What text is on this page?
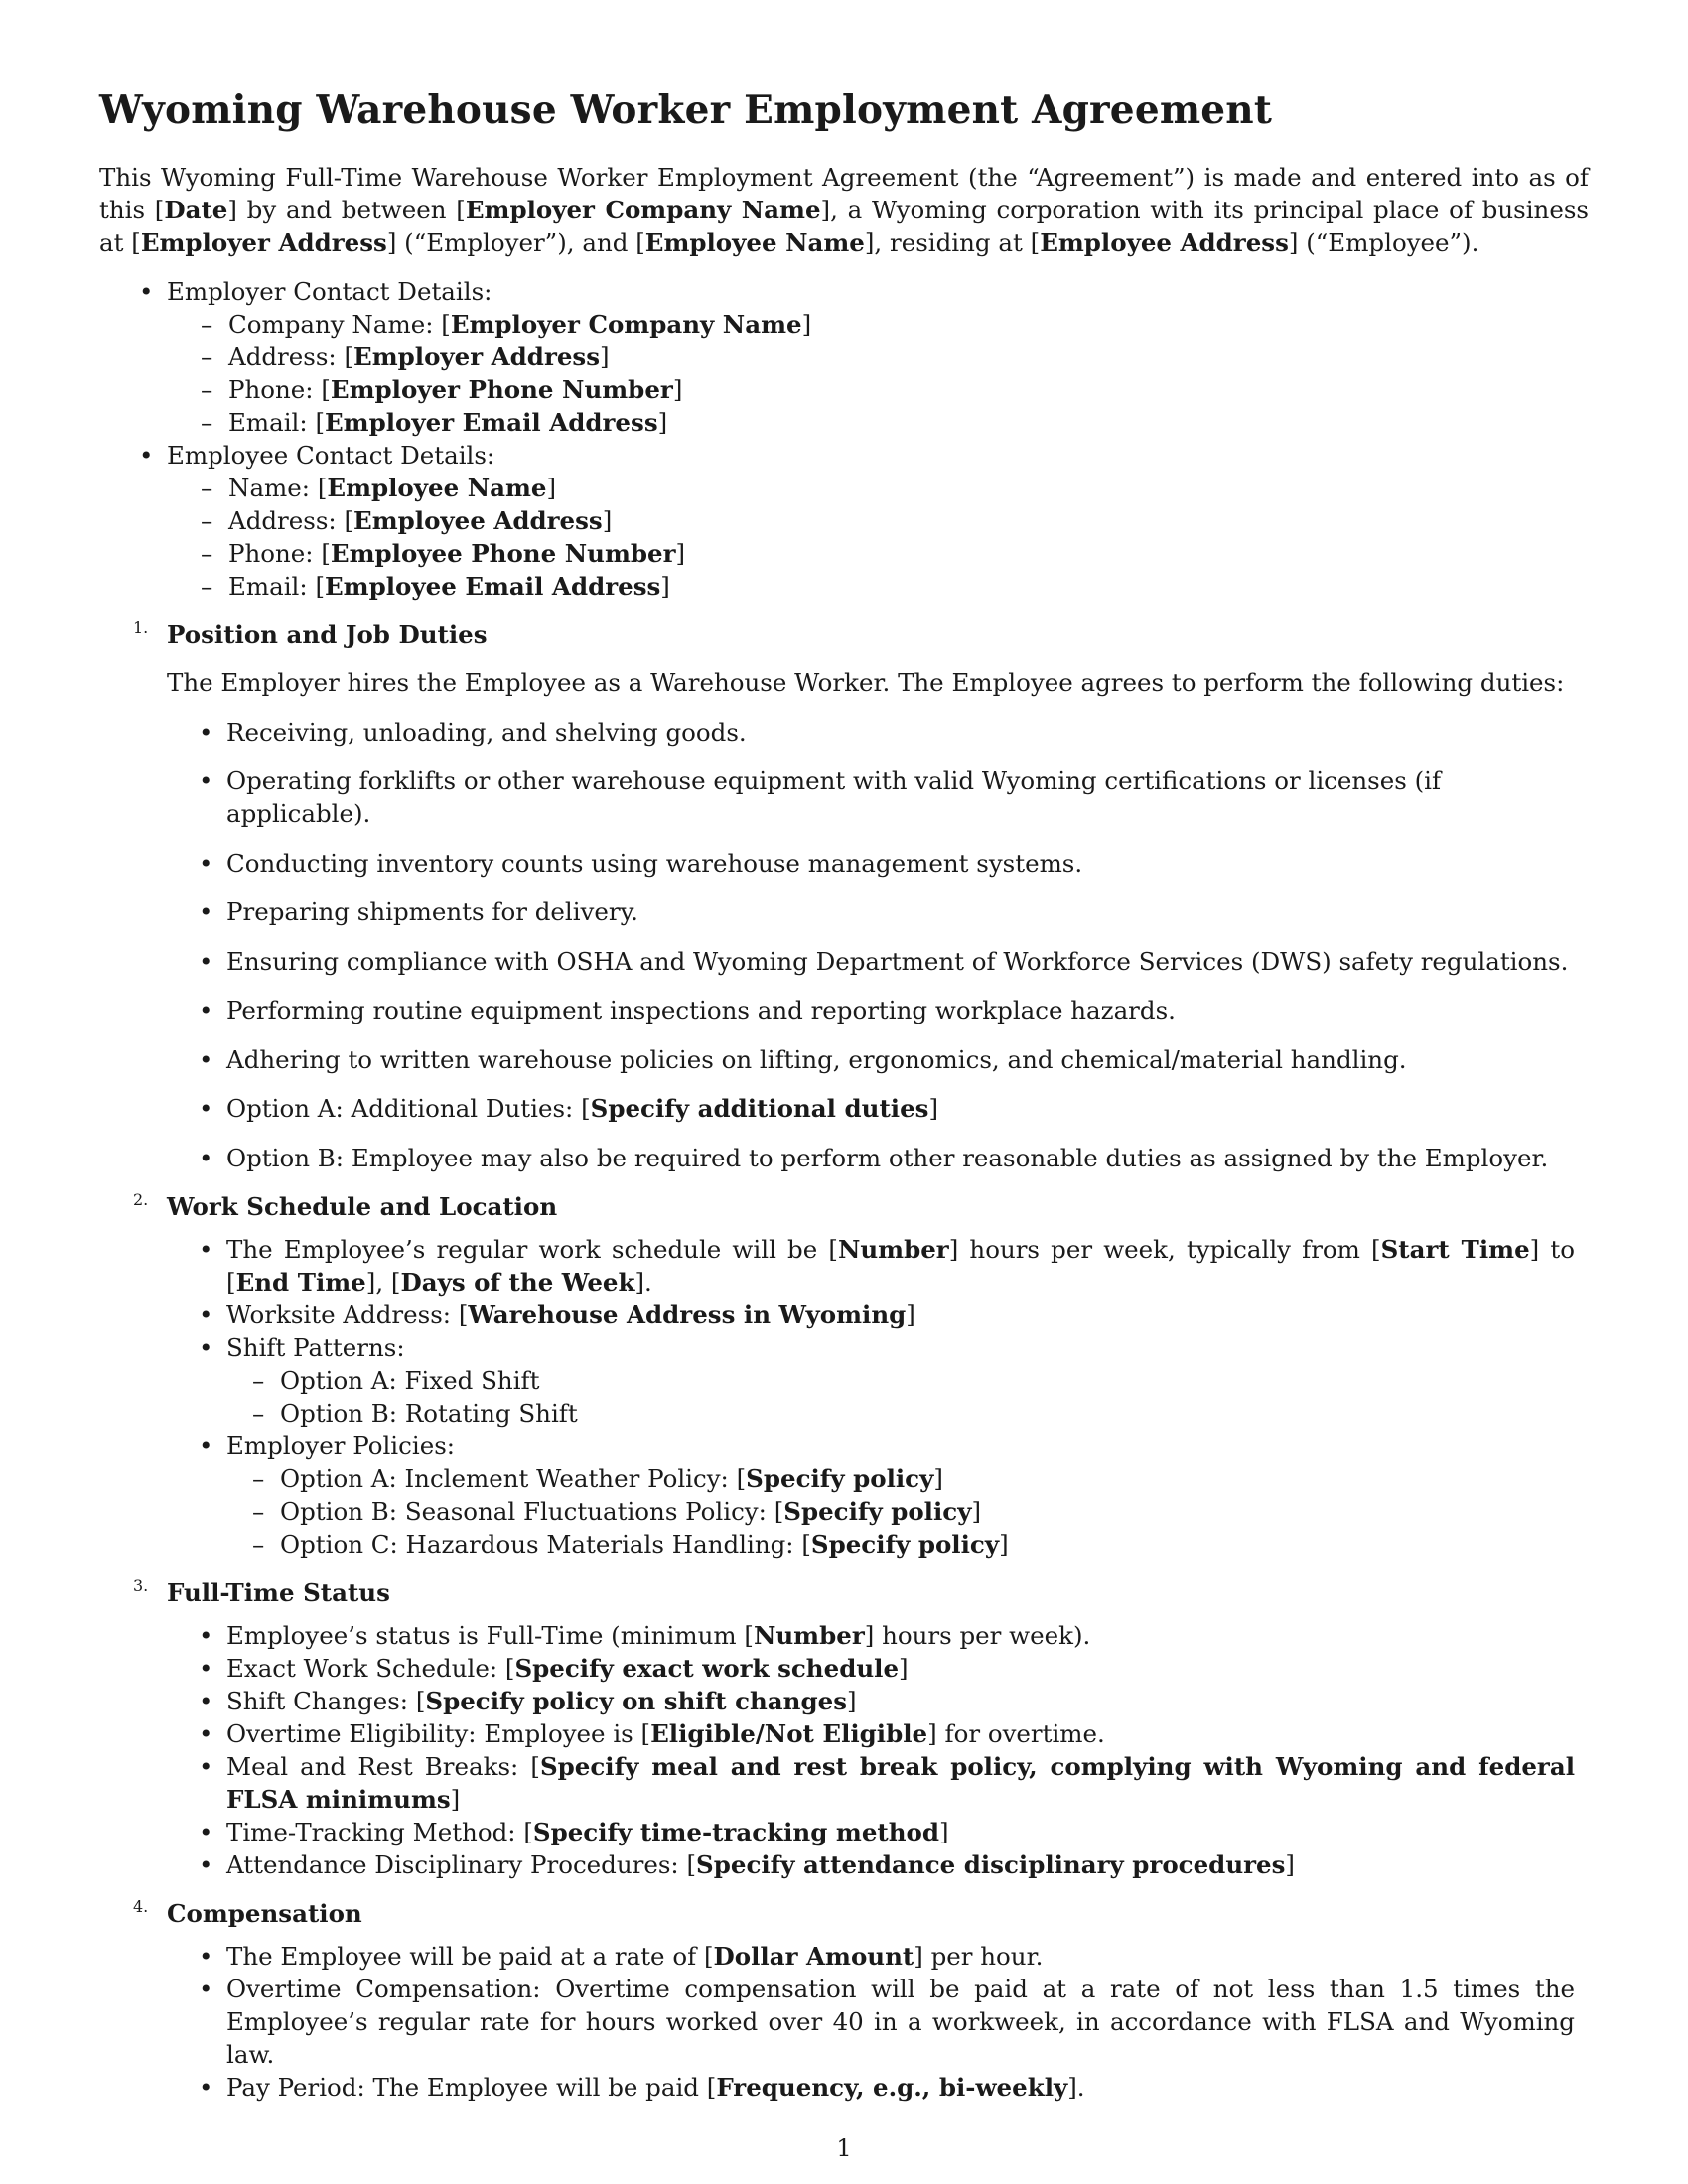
Wyoming Warehouse Worker Employment Agreement

This Wyoming Full-Time Warehouse Worker Employment Agreement (the “Agreement”) is made and entered into as of this [Date] by and between [Employer Company Name], a Wyoming corporation with its principal place of business at [Employer Address] (“Employer”), and [Employee Name], residing at [Employee Address] (“Employee”).

• Employer Contact Details:
– Company Name: [Employer Company Name]
– Address: [Employer Address]
– Phone: [Employer Phone Number]
– Email: [Employer Email Address]
• Employee Contact Details:
– Name: [Employee Name]
– Address: [Employee Address]
– Phone: [Employee Phone Number]
– Email: [Employee Email Address]
1. Position and Job Duties

The Employer hires the Employee as a Warehouse Worker. The Employee agrees to perform the following duties:

• Receiving, unloading, and shelving goods.
• Operating forklifts or other warehouse equipment with valid Wyoming certifications or licenses (if applicable).
• Conducting inventory counts using warehouse management systems.
• Preparing shipments for delivery.
• Ensuring compliance with OSHA and Wyoming Department of Workforce Services (DWS) safety regulations.
• Performing routine equipment inspections and reporting workplace hazards.
• Adhering to written warehouse policies on lifting, ergonomics, and chemical/material handling.
• Option A: Additional Duties: [Specify additional duties]
• Option B: Employee may also be required to perform other reasonable duties as assigned by the Employer.
2. Work Schedule and Location

• The Employee’s regular work schedule will be [Number] hours per week, typically from [Start Time] to [End Time], [Days of the Week].
• Worksite Address: [Warehouse Address in Wyoming]
• Shift Patterns:
– Option A: Fixed Shift
– Option B: Rotating Shift
• Employer Policies:
– Option A: Inclement Weather Policy: [Specify policy]
– Option B: Seasonal Fluctuations Policy: [Specify policy]
– Option C: Hazardous Materials Handling: [Specify policy]
3. Full-Time Status

• Employee’s status is Full-Time (minimum [Number] hours per week).
• Exact Work Schedule: [Specify exact work schedule]
• Shift Changes: [Specify policy on shift changes]
• Overtime Eligibility: Employee is [Eligible/Not Eligible] for overtime.
• Meal and Rest Breaks: [Specify meal and rest break policy, complying with Wyoming and federal FLSA minimums]
• Time-Tracking Method: [Specify time-tracking method]
• Attendance Disciplinary Procedures: [Specify attendance disciplinary procedures]
4. Compensation

• The Employee will be paid at a rate of [Dollar Amount] per hour.
• Overtime Compensation: Overtime compensation will be paid at a rate of not less than 1.5 times the Employee’s regular rate for hours worked over 40 in a workweek, in accordance with FLSA and Wyoming law.
• Pay Period: The Employee will be paid [Frequency, e.g., bi-weekly].
1
